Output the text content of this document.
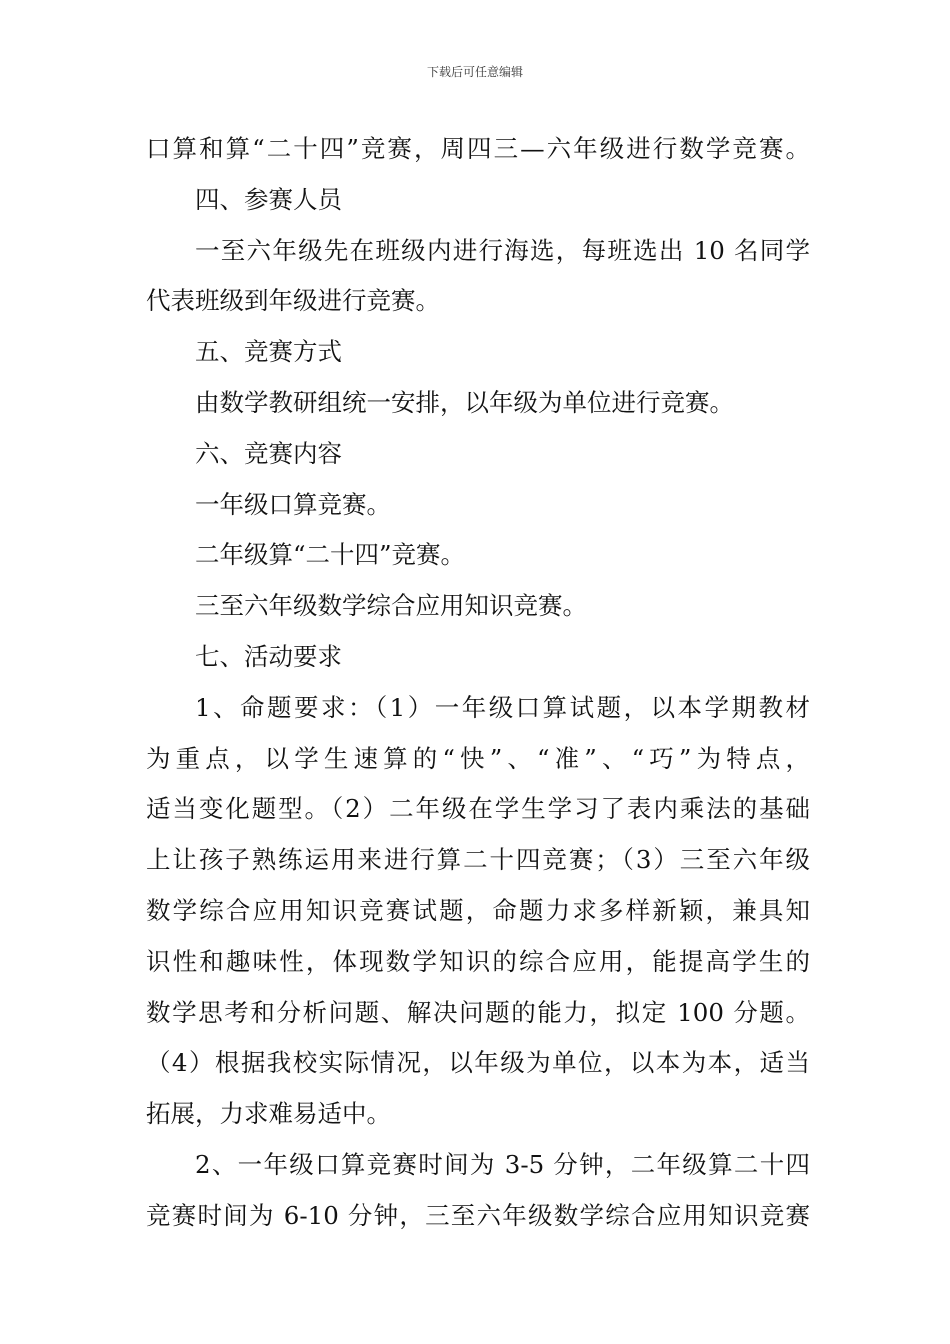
下载后可任意编辑
口算和算“二十四”竞赛，周四三—六年级进行数学竞赛。
四、参赛人员
一至六年级先在班级内进行海选，每班选出 10 名同学
代表班级到年级进行竞赛。
五、竞赛方式
由数学教研组统一安排，以年级为单位进行竞赛。
六、竞赛内容
一年级口算竞赛。
二年级算“二十四”竞赛。
三至六年级数学综合应用知识竞赛。
七、活动要求
1、命题要求：（1）一年级口算试题，以本学期教材
为重点，以学生速算的“快”、“准”、“巧”为特点，
适当变化题型。（2）二年级在学生学习了表内乘法的基础
上让孩子熟练运用来进行算二十四竞赛；（3）三至六年级
数学综合应用知识竞赛试题，命题力求多样新颖，兼具知
识性和趣味性，体现数学知识的综合应用，能提高学生的
数学思考和分析问题、解决问题的能力，拟定 100 分题。
（4）根据我校实际情况，以年级为单位，以本为本，适当
拓展，力求难易适中。
2、一年级口算竞赛时间为 3-5 分钟，二年级算二十四
竞赛时间为 6-10 分钟，三至六年级数学综合应用知识竞赛
